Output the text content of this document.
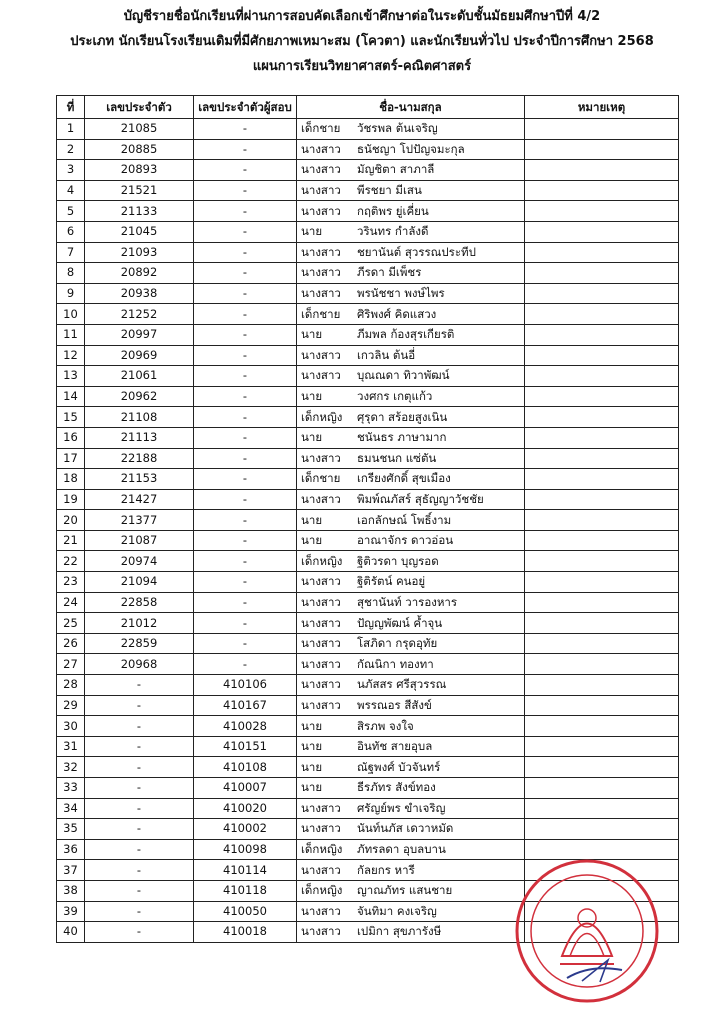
บัญชีรายชื่อนักเรียนที่ผ่านการสอบคัดเลือกเข้าศึกษาต่อในระดับชั้นมัธยมศึกษาปีที่ 4/2
ประเภท นักเรียนโรงเรียนเดิมที่มีศักยภาพเหมาะสม (โควตา) และนักเรียนทั่วไป ประจำปีการศึกษา 2568
แผนการเรียนวิทยาศาสตร์-คณิตศาสตร์
ที่	เลขประจำตัว	เลขประจำตัวผู้สอบ	ชื่อ-นามสกุล	หมายเหตุ
1	21085	-	เด็กชาย วัชรพล ต้นเจริญ	
2	20885	-	นางสาว ธนัชญา โปปัญจมะกุล	
3	20893	-	นางสาว มัญชิตา สาภาลี	
4	21521	-	นางสาว พีรชยา มีเสน	
5	21133	-	นางสาว กฤติพร ยู่เคี่ยน	
6	21045	-	นาย วรินทร กำลังดี	
7	21093	-	นางสาว ชยานันต์ สุวรรณประทีป	
8	20892	-	นางสาว ภีรดา มีเพ็ชร	
9	20938	-	นางสาว พรนัชชา พงษ์ไพร	
10	21252	-	เด็กชาย ศิริพงศ์ คิดแสวง	
11	20997	-	นาย ภีมพล ก้องสุรเกียรติ	
12	20969	-	นางสาว เกวลิน ต้นอี่	
13	21061	-	นางสาว บุณณดา ทิวาพัฒน์	
14	20962	-	นาย วงศกร เกตุแก้ว	
15	21108	-	เด็กหญิง ศุรุดา สร้อยสูงเนิน	
16	21113	-	นาย ชนันธร ภาษามาก	
17	22188	-	นางสาว ธมนชนก แซ่ตัน	
18	21153	-	เด็กชาย เกรียงศักดิ์ สุขเมือง	
19	21427	-	นางสาว พิมพ์ณภัสร์ สุธัญญาวัชชัย	
20	21377	-	นาย เอกลักษณ์ โพธิ์งาม	
21	21087	-	นาย อาณาจักร ดาวอ่อน	
22	20974	-	เด็กหญิง ฐิติวรดา บุญรอด	
23	21094	-	นางสาว ฐิติรัตน์ คนอยู่	
24	22858	-	นางสาว สุชานันท์ วารองหาร	
25	21012	-	นางสาว ปัญญพัฒน์ ค้ำจุน	
26	22859	-	นางสาว โสภิดา กรุดอุทัย	
27	20968	-	นางสาว กัณนิกา ทองทา	
28	-	410106	นางสาว นภัสสร ศรีสุวรรณ	
29	-	410167	นางสาว พรรณอร สีสังข์	
30	-	410028	นาย สิรภพ จงใจ	
31	-	410151	นาย อินทัช สายอุบล	
32	-	410108	นาย ณัฐพงศ์ บัวจันทร์	
33	-	410007	นาย ธีรภัทร สังข์ทอง	
34	-	410020	นางสาว ศรัญย์พร ขำเจริญ	
35	-	410002	นางสาว นันท์นภัส เดวาหมัด	
36	-	410098	เด็กหญิง ภัทรลดา อุบลบาน	
37	-	410114	นางสาว กัลยกร หารี	
38	-	410118	เด็กหญิง ญาณภัทร แสนชาย	
39	-	410050	นางสาว จันทิมา คงเจริญ	
40	-	410018	นางสาว เปมิกา สุขภารังษี	
